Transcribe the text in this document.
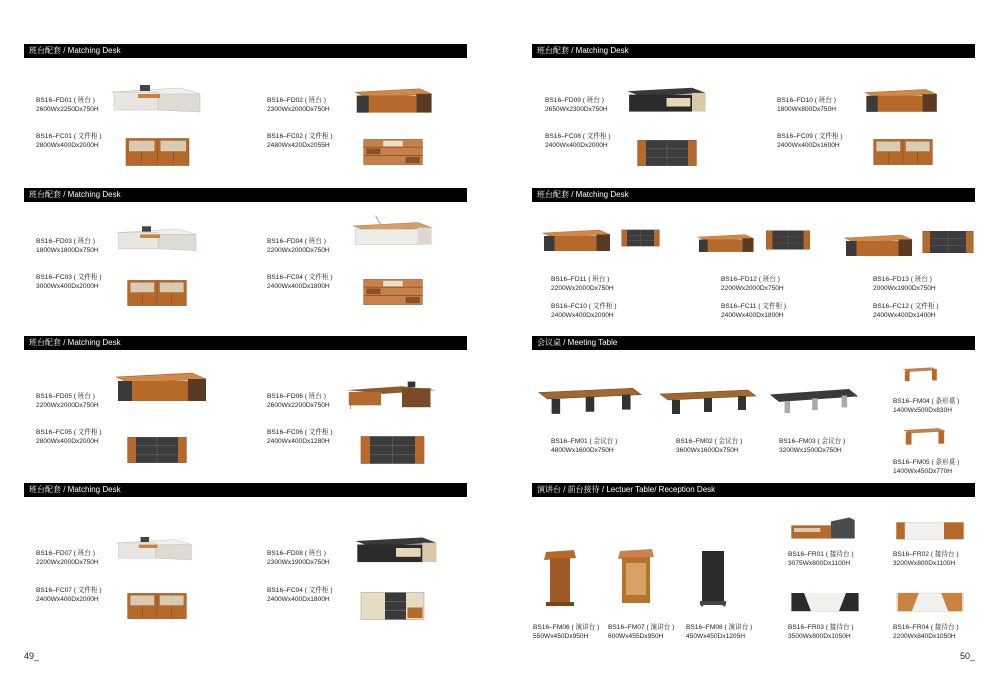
班台配套 / Matching Desk
BS16–FD01 ( 班台 )
2600Wx2250Dx750H
BS16–FD02 ( 班台 )
2300Wx2000Dx750H
BS16–FC01 ( 文件柜 )
2800Wx400Dx2000H
BS16–FC02 ( 文件柜 )
2480Wx420Dx2055H
班台配套 / Matching Desk
BS16–FD03 ( 班台 )
1800Wx1800Dx750H
BS16–FD04 ( 班台 )
2200Wx2000Dx750H
BS16–FC03 ( 文件柜 )
3000Wx400Dx2000H
BS16–FC04 ( 文件柜 )
2400Wx400Dx1800H
班台配套 / Matching Desk
BS16–FD05 ( 班台 )
2200Wx2000Dx750H
BS16–FD06 ( 班台 )
2600Wx2200Dx750H
BS16–FC05 ( 文件柜 )
2800Wx400Dx2000H
BS16–FC06 ( 文件柜 )
2400Wx400Dx1280H
班台配套 / Matching Desk
BS16–FD07 ( 班台 )
2200Wx2000Dx750H
BS16–FD08 ( 班台 )
2300Wx1900Dx750H
BS16–FC07 ( 文件柜 )
2400Wx400Dx2000H
BS16–FC04 ( 文件柜 )
2400Wx400Dx1800H
49_
班台配套 / Matching Desk
BS16–FD09 ( 班台 )
2650Wx2300Dx750H
BS16–FD10 ( 班台 )
1800Wx800Dx750H
BS16–FC08 ( 文件柜 )
2400Wx400Dx2000H
BS16–FC09 ( 文件柜 )
2400Wx400Dx1600H
班台配套 / Matching Desk
BS16–FD11 ( 班台 )
2200Wx2000Dx750H
BS16–FD12 ( 班台 )
2200Wx2000Dx750H
BS16–FD13 ( 班台 )
2000Wx1900Dx750H
BS16–FC10 ( 文件柜 )
2400Wx400Dx2000H
BS16–FC11 ( 文件柜 )
2400Wx400Dx1800H
BS16–FC12 ( 文件柜 )
2400Wx400Dx1400H
会议桌 / Meeting Table
BS16–FM01 ( 会议台 )
4800Wx1600Dx750H
BS16–FM02 ( 会议台 )
3600Wx1600Dx750H
BS16–FM03 ( 会议台 )
3200Wx1500Dx750H
BS16–FM04 ( 条形桌 )
1400Wx500Dx830H
BS16–FM05 ( 条形桌 )
1400Wx450Dx770H
演讲台 / 前台接待 / Lectuer Table/ Reception Desk
BS16–FM06 ( 演讲台 )
550Wx450Dx950H
BS16–FM07 ( 演讲台 )
600Wx455Dx950H
BS16–FM08 ( 演讲台 )
450Wx450Dx1205H
BS16–FR01 ( 接待台 )
3075Wx800Dx1100H
BS16–FR02 ( 接待台 )
3200Wx800Dx1100H
BS16–FR03 ( 接待台 )
3500Wx800Dx1050H
BS16–FR04 ( 接待台 )
2200Wx840Dx1050H
50_
